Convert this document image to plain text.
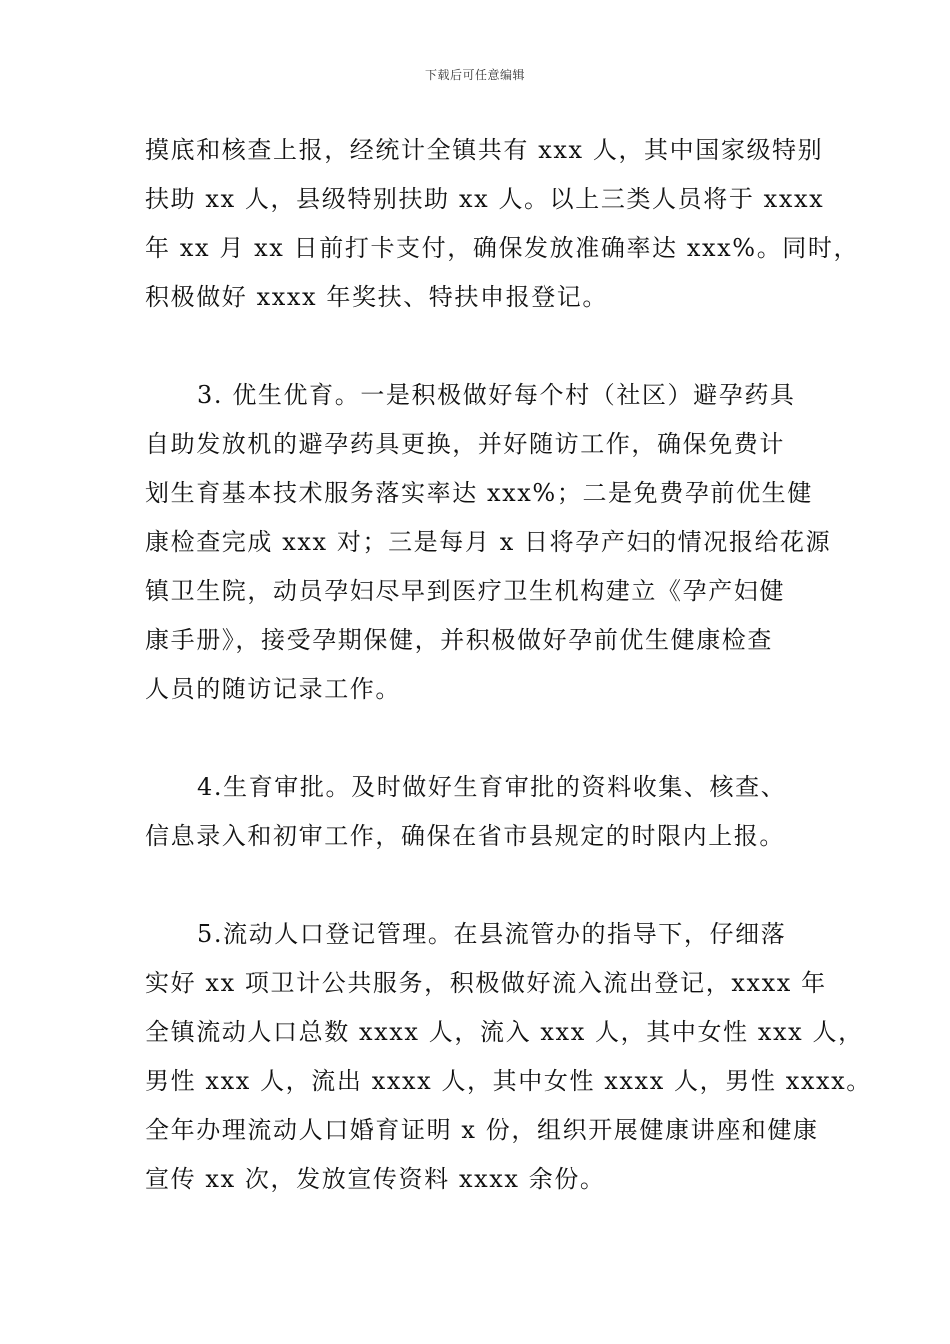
下载后可任意编辑

摸底和核查上报，经统计全镇共有 xxx 人，其中国家级特别
扶助 xx 人，县级特别扶助 xx 人。以上三类人员将于 xxxx
年 xx 月 xx 日前打卡支付，确保发放准确率达 xxx%。同时，
积极做好 xxxx 年奖扶、特扶申报登记。

3. 优生优育。一是积极做好每个村（社区）避孕药具
自助发放机的避孕药具更换，并好随访工作，确保免费计
划生育基本技术服务落实率达 xxx%；二是免费孕前优生健
康检查完成 xxx 对；三是每月 x 日将孕产妇的情况报给花源
镇卫生院，动员孕妇尽早到医疗卫生机构建立《孕产妇健
康手册》，接受孕期保健，并积极做好孕前优生健康检查
人员的随访记录工作。

4.生育审批。及时做好生育审批的资料收集、核查、
信息录入和初审工作，确保在省市县规定的时限内上报。

5.流动人口登记管理。在县流管办的指导下，仔细落
实好 xx 项卫计公共服务，积极做好流入流出登记，xxxx 年
全镇流动人口总数 xxxx 人，流入 xxx 人，其中女性 xxx 人，
男性 xxx 人，流出 xxxx 人，其中女性 xxxx 人，男性 xxxx。
全年办理流动人口婚育证明 x 份，组织开展健康讲座和健康
宣传 xx 次，发放宣传资料 xxxx 余份。
